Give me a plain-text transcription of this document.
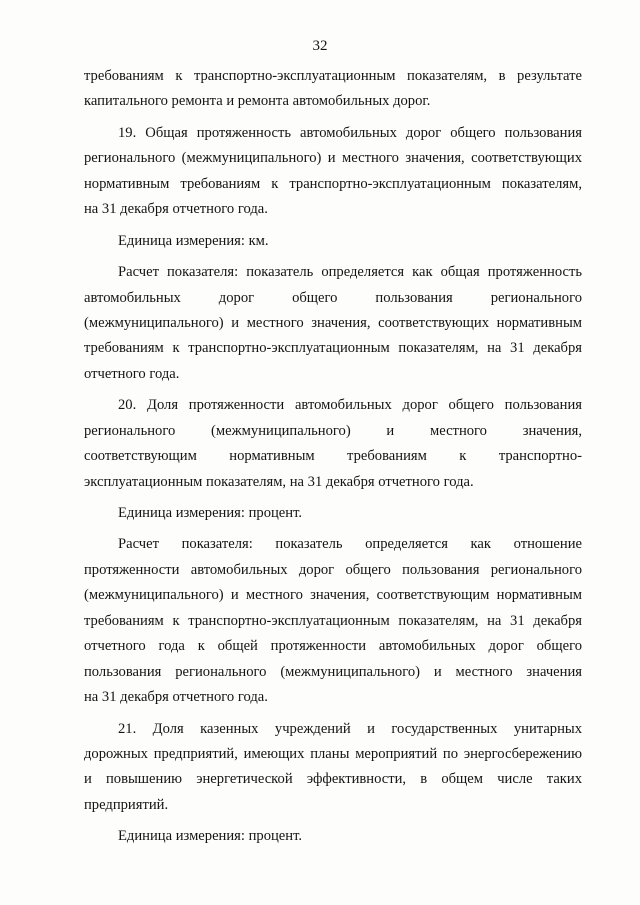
32
требованиям к транспортно-эксплуатационным показателям, в результате
капитального ремонта и ремонта автомобильных дорог.
19. Общая протяженность автомобильных дорог общего пользования
регионального (межмуниципального) и местного значения, соответствующих
нормативным требованиям к транспортно-эксплуатационным показателям,
на 31 декабря отчетного года.
Единица измерения: км.
Расчет показателя: показатель определяется как общая протяженность
автомобильных дорог общего пользования регионального
(межмуниципального) и местного значения, соответствующих нормативным
требованиям к транспортно-эксплуатационным показателям, на 31 декабря
отчетного года.
20. Доля протяженности автомобильных дорог общего пользования
регионального (межмуниципального) и местного значения,
соответствующим нормативным требованиям к транспортно-
эксплуатационным показателям, на 31 декабря отчетного года.
Единица измерения: процент.
Расчет показателя: показатель определяется как отношение
протяженности автомобильных дорог общего пользования регионального
(межмуниципального) и местного значения, соответствующим нормативным
требованиям к транспортно-эксплуатационным показателям, на 31 декабря
отчетного года к общей протяженности автомобильных дорог общего
пользования регионального (межмуниципального) и местного значения
на 31 декабря отчетного года.
21. Доля казенных учреждений и государственных унитарных
дорожных предприятий, имеющих планы мероприятий по энергосбережению
и повышению энергетической эффективности, в общем числе таких
предприятий.
Единица измерения: процент.
